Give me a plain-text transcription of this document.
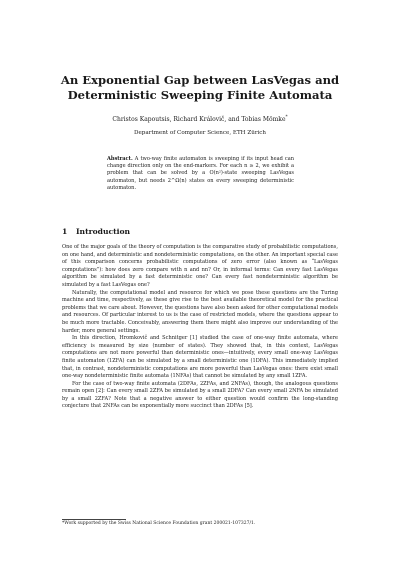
An Exponential Gap between LasVegas and
Deterministic Sweeping Finite Automata
Christos Kapoutsis, Richard Královič, and Tobias Mömke*
Department of Computer Science, ETH Zürich
Abstract. A two-way finite automaton is sweeping if its input head can change direction only on the end-markers. For each n ≥ 2, we exhibit a problem that can be solved by a O(n²)-state sweeping LasVegas automaton, but needs 2^Ω(n) states on every sweeping deterministic automaton.
1 Introduction

One of the major goals of the theory of computation is the comparative study of probabilistic computations, on one hand, and deterministic and nondeterministic computations, on the other. An important special case of this comparison concerns probabilistic computations of zero error (also known as “LasVegas computations”): how does zero compare with n and nn? Or, in informal terms: Can every fast LasVegas algorithm be simulated by a fast deterministic one? Can every fast nondeterministic algorithm be simulated by a fast LasVegas one?

Naturally, the computational model and resource for which we pose these questions are the Turing machine and time, respectively, as these give rise to the best available theoretical model for the practical problems that we care about. However, the questions have also been asked for other computational models and resources. Of particular interest to us is the case of restricted models, where the questions appear to be much more tractable. Conceivably, answering them there might also improve our understanding of the harder, more general settings.

In this direction, Hromkovič and Schnitger [1] studied the case of one-way finite automata, where efficiency is measured by size (number of states). They showed that, in this context, LasVegas computations are not more powerful than deterministic ones—intuitively, every small one-way LasVegas finite automaton (1ZFA) can be simulated by a small deterministic one (1DFA). This immediately implied that, in contrast, nondeterministic computations are more powerful than LasVegas ones: there exist small one-way nondeterministic finite automata (1NFAs) that cannot be simulated by any small 1ZFA.

For the case of two-way finite automata (2DFAs, 2ZFAs, and 2NFAs), though, the analogous questions remain open [2]: Can every small 2ZFA be simulated by a small 2DFA? Can every small 2NFA be simulated by a small 2ZFA? Note that a negative answer to either question would confirm the long-standing conjecture that 2NFAs can be exponentially more succinct than 2DFAs [5].

*Work supported by the Swiss National Science Foundation grant 200021-107327/1.
